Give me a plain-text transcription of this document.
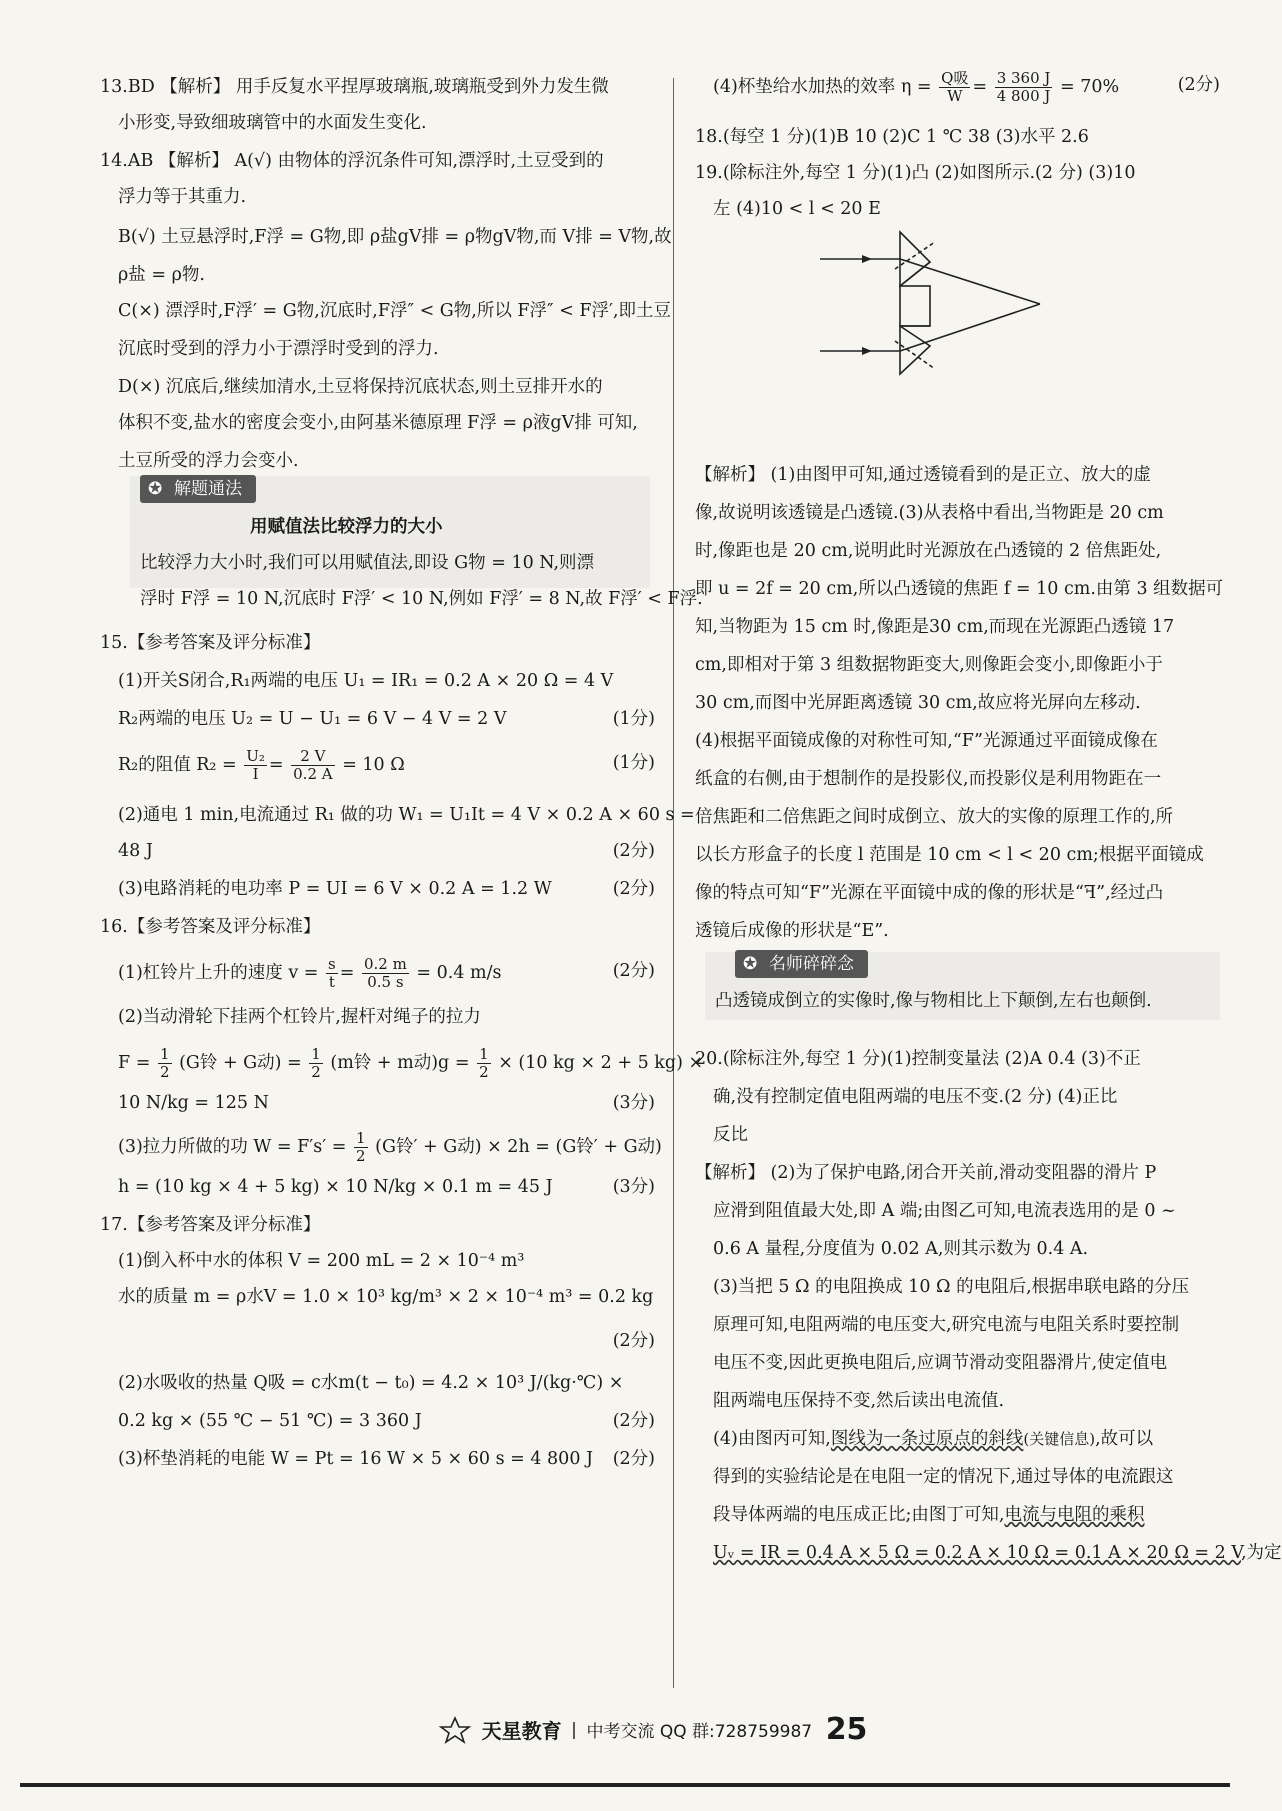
13.BD 【解析】 用手反复水平捏厚玻璃瓶,玻璃瓶受到外力发生微
小形变,导致细玻璃管中的水面发生变化.
14.AB 【解析】 A(√) 由物体的浮沉条件可知,漂浮时,土豆受到的
浮力等于其重力.
B(√) 土豆悬浮时,F浮 = G物,即 ρ盐gV排 = ρ物gV物,而 V排 = V物,故
ρ盐 = ρ物.
C(×) 漂浮时,F浮′ = G物,沉底时,F浮″ < G物,所以 F浮″ < F浮′,即土豆
沉底时受到的浮力小于漂浮时受到的浮力.
D(×) 沉底后,继续加清水,土豆将保持沉底状态,则土豆排开水的
体积不变,盐水的密度会变小,由阿基米德原理 F浮 = ρ液gV排 可知,
土豆所受的浮力会变小.
✪ 解题通法
用赋值法比较浮力的大小
比较浮力大小时,我们可以用赋值法,即设 G物 = 10 N,则漂
浮时 F浮 = 10 N,沉底时 F浮′ < 10 N,例如 F浮′ = 8 N,故 F浮′ < F浮.
15.【参考答案及评分标准】
(1)开关S闭合,R₁两端的电压 U₁ = IR₁ = 0.2 A × 20 Ω = 4 V
R₂两端的电压 U₂ = U − U₁ = 6 V − 4 V = 2 V	(1分)
R₂的阻值 $R_2 = \frac{\text{U₂}}{I} = \frac{2 V}{0.2 A} = 10$ Ω	(1分)
(2)通电 1 min,电流通过 R₁ 做的功 W₁ = U₁It = 4 V × 0.2 A × 60 s =
48 J	(2分)
(3)电路消耗的电功率 P = UI = 6 V × 0.2 A = 1.2 W	(2分)
16.【参考答案及评分标准】
(1)杠铃片上升的速度 $v = \frac{s}{t} = \frac{0.2 m}{0.5 s} = 0.4$ m/s	(2分)
(2)当动滑轮下挂两个杠铃片,握杆对绳子的拉力
$F = \frac{1}{2} (G$铃 + G动) = $\frac{1}{2} (m$铃 + m动)$g = \frac{1}{2} \times (10$ kg × 2 + 5 kg) ×
10 N/kg = 125 N	(3分)
(3)拉力所做的功 $W = F's' = \frac{1}{2} (G$铃′ + G动) × 2h = (G铃′ + G动)
h = (10 kg × 4 + 5 kg) × 10 N/kg × 0.1 m = 45 J	(3分)
17.【参考答案及评分标准】
(1)倒入杯中水的体积 V = 200 mL = 2 × 10⁻⁴ m³
水的质量 m = ρ水V = 1.0 × 10³ kg/m³ × 2 × 10⁻⁴ m³ = 0.2 kg
(2分)
(2)水吸收的热量 Q吸 = c水m(t − t₀) = 4.2 × 10³ J/(kg·℃) ×
0.2 kg × (55 ℃ − 51 ℃) = 3 360 J	(2分)
(3)杯垫消耗的电能 W = Pt = 16 W × 5 × 60 s = 4 800 J (2分)
(4)杯垫给水加热的效率 $\eta = \frac{\text{Q吸}}{W} = \frac{3 360 J}{4 800 J} = 70\%$	(2分)
18.(每空 1 分)(1)B 10 (2)C 1 ℃ 38 (3)水平 2.6
19.(除标注外,每空 1 分)(1)凸 (2)如图所示.(2 分) (3)10
左 (4)10 < l < 20 E
【解析】 (1)由图甲可知,通过透镜看到的是正立、放大的虚
像,故说明该透镜是凸透镜.(3)从表格中看出,当物距是 20 cm
时,像距也是 20 cm,说明此时光源放在凸透镜的 2 倍焦距处,
即 u = 2f = 20 cm,所以凸透镜的焦距 f = 10 cm.由第 3 组数据可
知,当物距为 15 cm 时,像距是30 cm,而现在光源距凸透镜 17
cm,即相对于第 3 组数据物距变大,则像距会变小,即像距小于
30 cm,而图中光屏距离透镜 30 cm,故应将光屏向左移动.
(4)根据平面镜成像的对称性可知,“F”光源通过平面镜成像在
纸盒的右侧,由于想制作的是投影仪,而投影仪是利用物距在一
倍焦距和二倍焦距之间时成倒立、放大的实像的原理工作的,所
以长方形盒子的长度 l 范围是 10 cm < l < 20 cm;根据平面镜成
像的特点可知“F”光源在平面镜中成的像的形状是“ꟻ”,经过凸
透镜后成像的形状是“E”.
✪ 名师碎碎念
凸透镜成倒立的实像时,像与物相比上下颠倒,左右也颠倒.
20.(除标注外,每空 1 分)(1)控制变量法 (2)A 0.4 (3)不正
确,没有控制定值电阻两端的电压不变.(2 分) (4)正比
反比
【解析】 (2)为了保护电路,闭合开关前,滑动变阻器的滑片 P
应滑到阻值最大处,即 A 端;由图乙可知,电流表选用的是 0 ~
0.6 A 量程,分度值为 0.02 A,则其示数为 0.4 A.
(3)当把 5 Ω 的电阻换成 10 Ω 的电阻后,根据串联电路的分压
原理可知,电阻两端的电压变大,研究电流与电阻关系时要控制
电压不变,因此更换电阻后,应调节滑动变阻器滑片,使定值电
阻两端电压保持不变,然后读出电流值.
(4)由图丙可知,图线为一条过原点的斜线(关键信息),故可以
得到的实验结论是在电阻一定的情况下,通过导体的电流跟这
段导体两端的电压成正比;由图丁可知,电流与电阻的乘积
Uᵥ = IR = 0.4 A × 5 Ω = 0.2 A × 10 Ω = 0.1 A × 20 Ω = 2 V,为定
天星教育 | 中考交流 QQ 群:728759987 25
